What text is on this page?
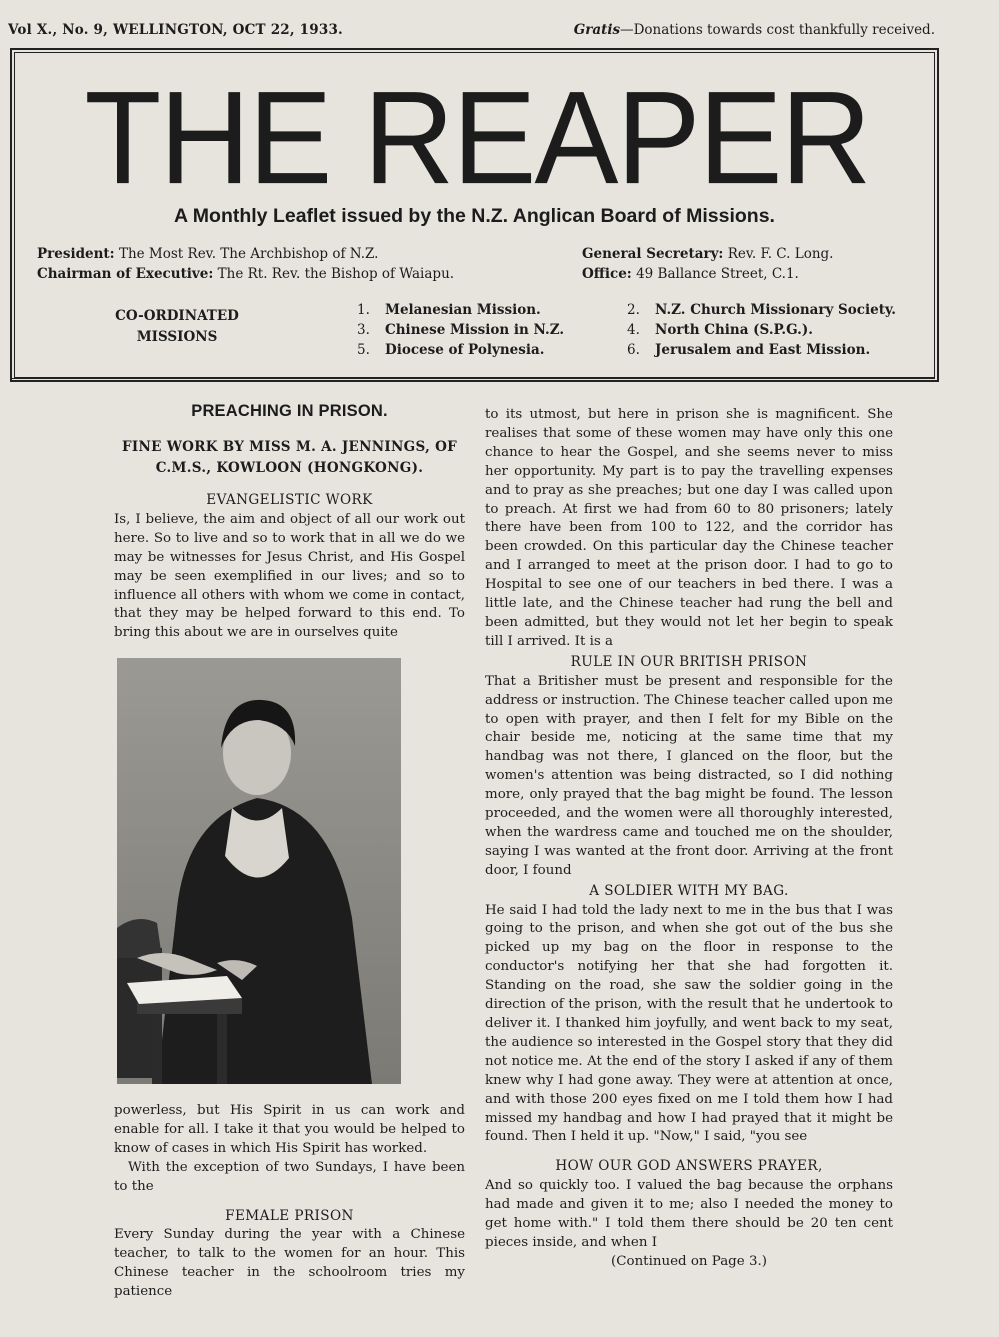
Vol X., No. 9, WELLINGTON, OCT 22, 1933.	Gratis—Donations towards cost thankfully received.
THE REAPER
A Monthly Leaflet issued by the N.Z. Anglican Board of Missions.
President: The Most Rev. The Archbishop of N.Z.
Chairman of Executive: The Rt. Rev. the Bishop of Waiapu.
General Secretary: Rev. F. C. Long.
Office: 49 Ballance Street, C.1.
CO-ORDINATED
MISSIONS
1. Melanesian Mission.
3. Chinese Mission in N.Z.
5. Diocese of Polynesia.
2. N.Z. Church Missionary Society.
4. North China (S.P.G.).
6. Jerusalem and East Mission.
PREACHING IN PRISON.
FINE WORK BY MISS M. A. JENNINGS, OF
C.M.S., KOWLOON (HONGKONG).
EVANGELISTIC WORK

Is, I believe, the aim and object of all our work out here. So to live and so to work that in all we do we may be witnesses for Jesus Christ, and His Gospel may be seen exemplified in our lives; and so to influence all others with whom we come in contact, that they may be helped forward to this end. To bring this about we are in ourselves quite

powerless, but His Spirit in us can work and enable for all. I take it that you would be helped to know of cases in which His Spirit has worked.

With the exception of two Sundays, I have been to the

FEMALE PRISON

Every Sunday during the year with a Chinese teacher, to talk to the women for an hour. This Chinese teacher in the schoolroom tries my patience

to its utmost, but here in prison she is magnificent. She realises that some of these women may have only this one chance to hear the Gospel, and she seems never to miss her opportunity. My part is to pay the travelling expenses and to pray as she preaches; but one day I was called upon to preach. At first we had from 60 to 80 prisoners; lately there have been from 100 to 122, and the corridor has been crowded. On this particular day the Chinese teacher and I arranged to meet at the prison door. I had to go to Hospital to see one of our teachers in bed there. I was a little late, and the Chinese teacher had rung the bell and been admitted, but they would not let her begin to speak till I arrived. It is a

RULE IN OUR BRITISH PRISON

That a Britisher must be present and responsible for the address or instruction. The Chinese teacher called upon me to open with prayer, and then I felt for my Bible on the chair beside me, noticing at the same time that my handbag was not there, I glanced on the floor, but the women's attention was being distracted, so I did nothing more, only prayed that the bag might be found. The lesson proceeded, and the women were all thoroughly interested, when the wardress came and touched me on the shoulder, saying I was wanted at the front door. Arriving at the front door, I found

A SOLDIER WITH MY BAG.

He said I had told the lady next to me in the bus that I was going to the prison, and when she got out of the bus she picked up my bag on the floor in response to the conductor's notifying her that she had forgotten it. Standing on the road, she saw the soldier going in the direction of the prison, with the result that he undertook to deliver it. I thanked him joyfully, and went back to my seat, the audience so interested in the Gospel story that they did not notice me. At the end of the story I asked if any of them knew why I had gone away. They were at attention at once, and with those 200 eyes fixed on me I told them how I had missed my handbag and how I had prayed that it might be found. Then I held it up. "Now," I said, "you see

HOW OUR GOD ANSWERS PRAYER,

And so quickly too. I valued the bag because the orphans had made and given it to me; also I needed the money to get home with." I told them there should be 20 ten cent pieces inside, and when I

(Continued on Page 3.)
